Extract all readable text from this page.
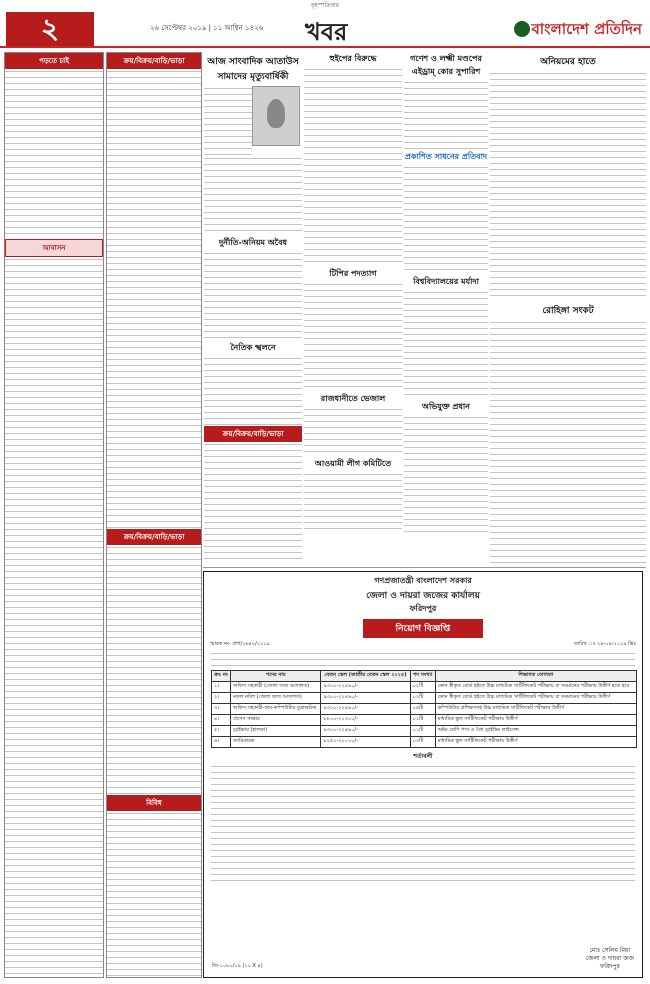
বৃহস্পতিবার
২	২৬ সেপ্টেম্বর ২০১৯ | ১১ আশ্বিন ১৪২৬ খবর	বাংলাদেশ প্রতিদিন
পড়তে চাই
আবাসন
ক্রয়/বিক্রয়/বাড়ি/ভাড়া
ক্রয়/বিক্রয়/বাড়ি/ভাড়া
বিবিধ
আজ সাংবাদিক আতাউস সামাদের মৃত্যুবার্ষিকী
দুর্নীতি-অনিয়ম অবৈধ
নৈতিক স্খলনে
ক্রয়/বিক্রয়/বাড়ি/ভাড়া
হুইপের বিরুদ্ধে
টিপির পদত্যাগ
রাজধানীতে ভেজাল
আওয়ামী লীগ কমিটিতে
গণেশ ও লক্ষ্মী মণ্ডপের এইড্রাম্‌ কোর সুপারিশ
প্রকাশিত সাধনের প্রতিবাদ
বিশ্ববিদ্যালয়ের মর্যাদা
অভিযুক্ত প্রধান
অনিয়মের হাতে
রোহিঙ্গা সংকট
গণপ্রজাতন্ত্রী বাংলাদেশ সরকার
জেলা ও দায়রা জজের কার্যালয়
ফরিদপুর
নিয়োগ বিজ্ঞপ্তি
স্মারক নং- প্রশা/১৬৫০/২০১৯	তারিখ ঃ ২৪-০৯-২০১৯ খ্রিঃ
ক্রঃ নং	পদের নাম	বেতন স্কেল (জাতীয় বেতন স্কেল ২০১৫)	পদ সংখ্যা	শিক্ষাগত যোগ্যতা
১।	অফিস সহকারী (জেলা জজ আদালত)	৯৩০০-২২৪৯০/-	০২টি	কোন স্বীকৃত বোর্ড হইতে উচ্চ মাধ্যমিক সার্টিফিকেট পরীক্ষায় বা সমমানের পরীক্ষায় উত্তীর্ণ হতে হবে
২।	নকল নবিশ (জেলা জজ আদালত)	৯৩০০-২২৪৯০/-	০২টি	কোন স্বীকৃত বোর্ড হইতে উচ্চ মাধ্যমিক সার্টিফিকেট পরীক্ষায় বা সমমানের পরীক্ষায় উত্তীর্ণ
৩।	অফিস সহকারী-কাম-কম্পিউটার মুদ্রাক্ষরিক	৯৩০০-২২৪৯০/-	০৪টি	কম্পিউটার প্রশিক্ষণসহ উচ্চ মাধ্যমিক সার্টিফিকেট পরীক্ষায় উত্তীর্ণ
৪।	প্রসেস সার্ভার	৮৮০০-২১৩১০/-	০১টি	মাধ্যমিক স্কুল সার্টিফিকেট পরীক্ষায় উত্তীর্ণ
৫।	ড্রাইভার (হালকা)	৯৩০০-২২৪৯০/-	০১টি	অষ্টম শ্রেণি পাস ও বৈধ ড্রাইভিং লাইসেন্স
৬।	জারিকারক	৮২৫০-২০০১০/-	০৩টি	মাধ্যমিক স্কুল সার্টিফিকেট পরীক্ষায় উত্তীর্ণ
শর্তাবলী
জি-১০৮০/১৯ (১০ X ৪)
মোঃ সেলিম মিয়া
জেলা ও দায়রা জজ
ফরিদপুর
